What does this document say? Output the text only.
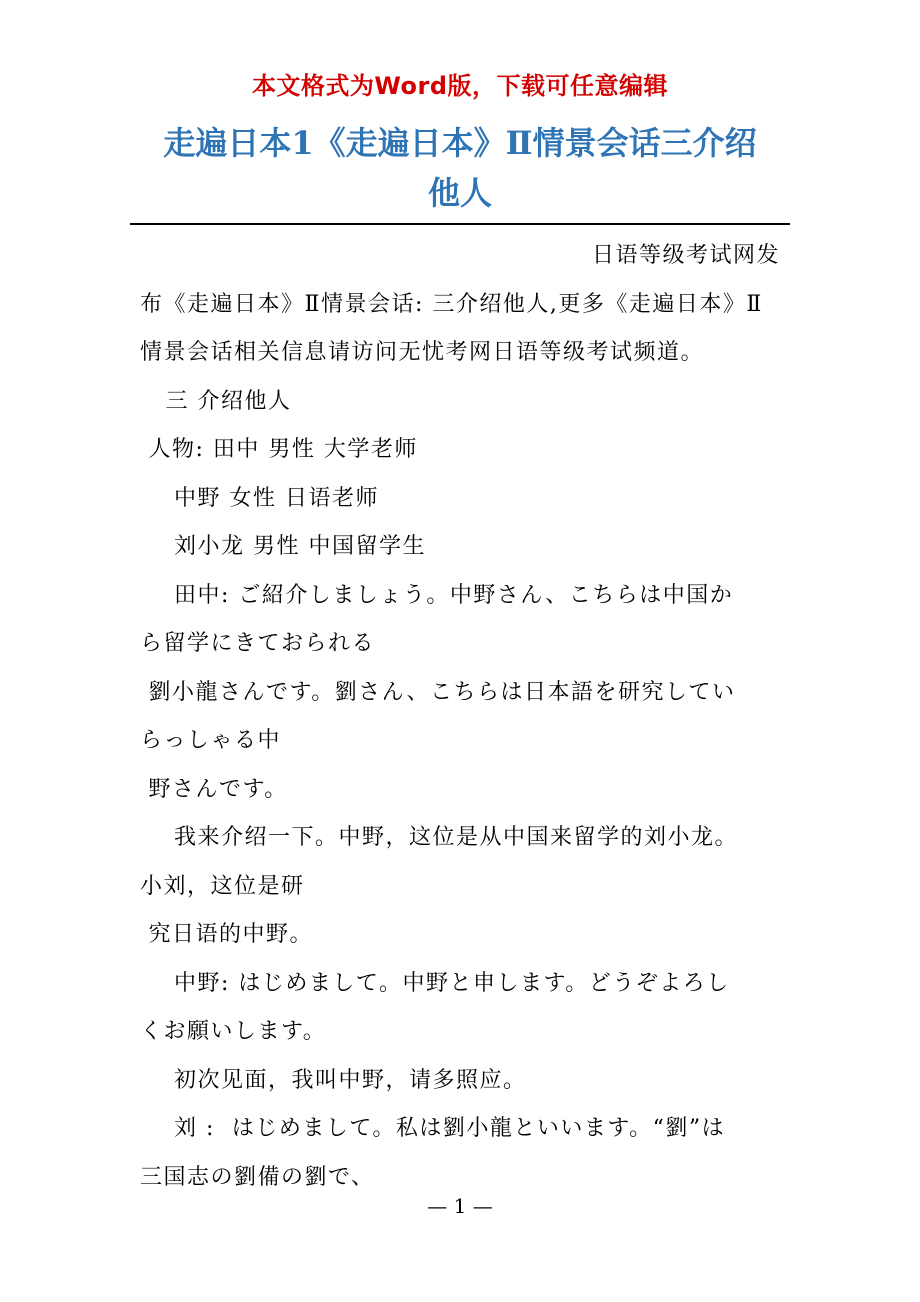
本文格式为Word版，下载可任意编辑
走遍日本1《走遍日本》Ⅱ情景会话三介绍
他人

日语等级考试网发

布《走遍日本》Ⅱ情景会话: 三介绍他人,更多《走遍日本》Ⅱ

情景会话相关信息请访问无忧考网日语等级考试频道。

三 介绍他人

人物: 田中 男性 大学老师

中野 女性 日语老师

刘小龙 男性 中国留学生

田中: ご紹介しましょう。中野さん、こちらは中国か

ら留学にきておられる

劉小龍さんです。劉さん、こちらは日本語を研究してい

らっしゃる中

野さんです。

我来介绍一下。中野，这位是从中国来留学的刘小龙。

小刘，这位是研

究日语的中野。

中野: はじめまして。中野と申します。どうぞよろし

くお願いします。

初次见面，我叫中野，请多照应。

刘 :  はじめまして。私は劉小龍といいます。“劉”は

三国志の劉備の劉で、

— 1 —
